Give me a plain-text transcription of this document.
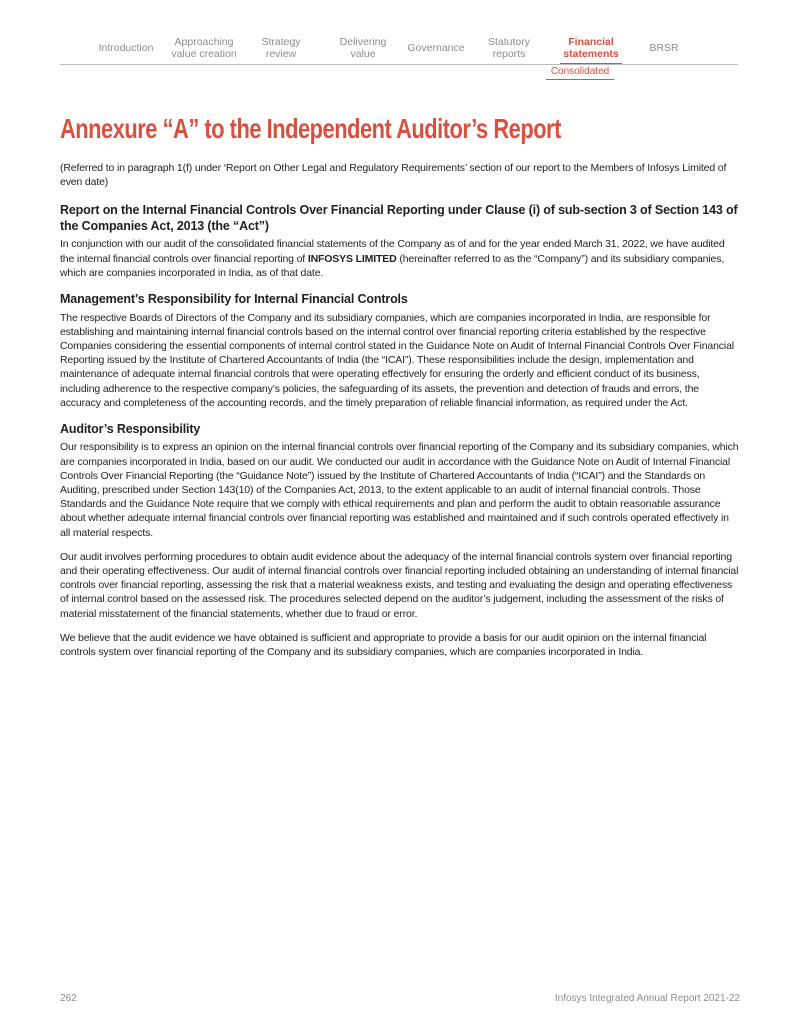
Introduction
Approaching
value creation
Strategy
review
Delivering
value
Governance
Statutory
reports
Financial
statements
BRSR
Consolidated
Annexure “A” to the Independent Auditor’s Report

(Referred to in paragraph 1(f) under ‘Report on Other Legal and Regulatory Requirements’ section of our report to the Members of Infosys Limited of even date)

Report on the Internal Financial Controls Over Financial Reporting under Clause (i) of sub-section 3 of Section 143 of the Companies Act, 2013 (the “Act”)

In conjunction with our audit of the consolidated financial statements of the Company as of and for the year ended March 31, 2022, we have audited the internal financial controls over financial reporting of INFOSYS LIMITED (hereinafter referred to as the “Company”) and its subsidiary companies, which are companies incorporated in India, as of that date.

Management’s Responsibility for Internal Financial Controls

The respective Boards of Directors of the Company and its subsidiary companies, which are companies incorporated in India, are responsible for establishing and maintaining internal financial controls based on the internal control over financial reporting criteria established by the respective Companies considering the essential components of internal control stated in the Guidance Note on Audit of Internal Financial Controls Over Financial Reporting issued by the Institute of Chartered Accountants of India (the “ICAI”). These responsibilities include the design, implementation and maintenance of adequate internal financial controls that were operating effectively for ensuring the orderly and efficient conduct of its business, including adherence to the respective company’s policies, the safeguarding of its assets, the prevention and detection of frauds and errors, the accuracy and completeness of the accounting records, and the timely preparation of reliable financial information, as required under the Act.

Auditor’s Responsibility

Our responsibility is to express an opinion on the internal financial controls over financial reporting of the Company and its subsidiary companies, which are companies incorporated in India, based on our audit. We conducted our audit in accordance with the Guidance Note on Audit of Internal Financial Controls Over Financial Reporting (the “Guidance Note”) issued by the Institute of Chartered Accountants of India (“ICAI”) and the Standards on Auditing, prescribed under Section 143(10) of the Companies Act, 2013, to the extent applicable to an audit of internal financial controls. Those Standards and the Guidance Note require that we comply with ethical requirements and plan and perform the audit to obtain reasonable assurance about whether adequate internal financial controls over financial reporting was established and maintained and if such controls operated effectively in all material respects.

Our audit involves performing procedures to obtain audit evidence about the adequacy of the internal financial controls system over financial reporting and their operating effectiveness. Our audit of internal financial controls over financial reporting included obtaining an understanding of internal financial controls over financial reporting, assessing the risk that a material weakness exists, and testing and evaluating the design and operating effectiveness of internal control based on the assessed risk. The procedures selected depend on the auditor’s judgement, including the assessment of the risks of material misstatement of the financial statements, whether due to fraud or error.

We believe that the audit evidence we have obtained is sufficient and appropriate to provide a basis for our audit opinion on the internal financial controls system over financial reporting of the Company and its subsidiary companies, which are companies incorporated in India.

262	Infosys Integrated Annual Report 2021-22
